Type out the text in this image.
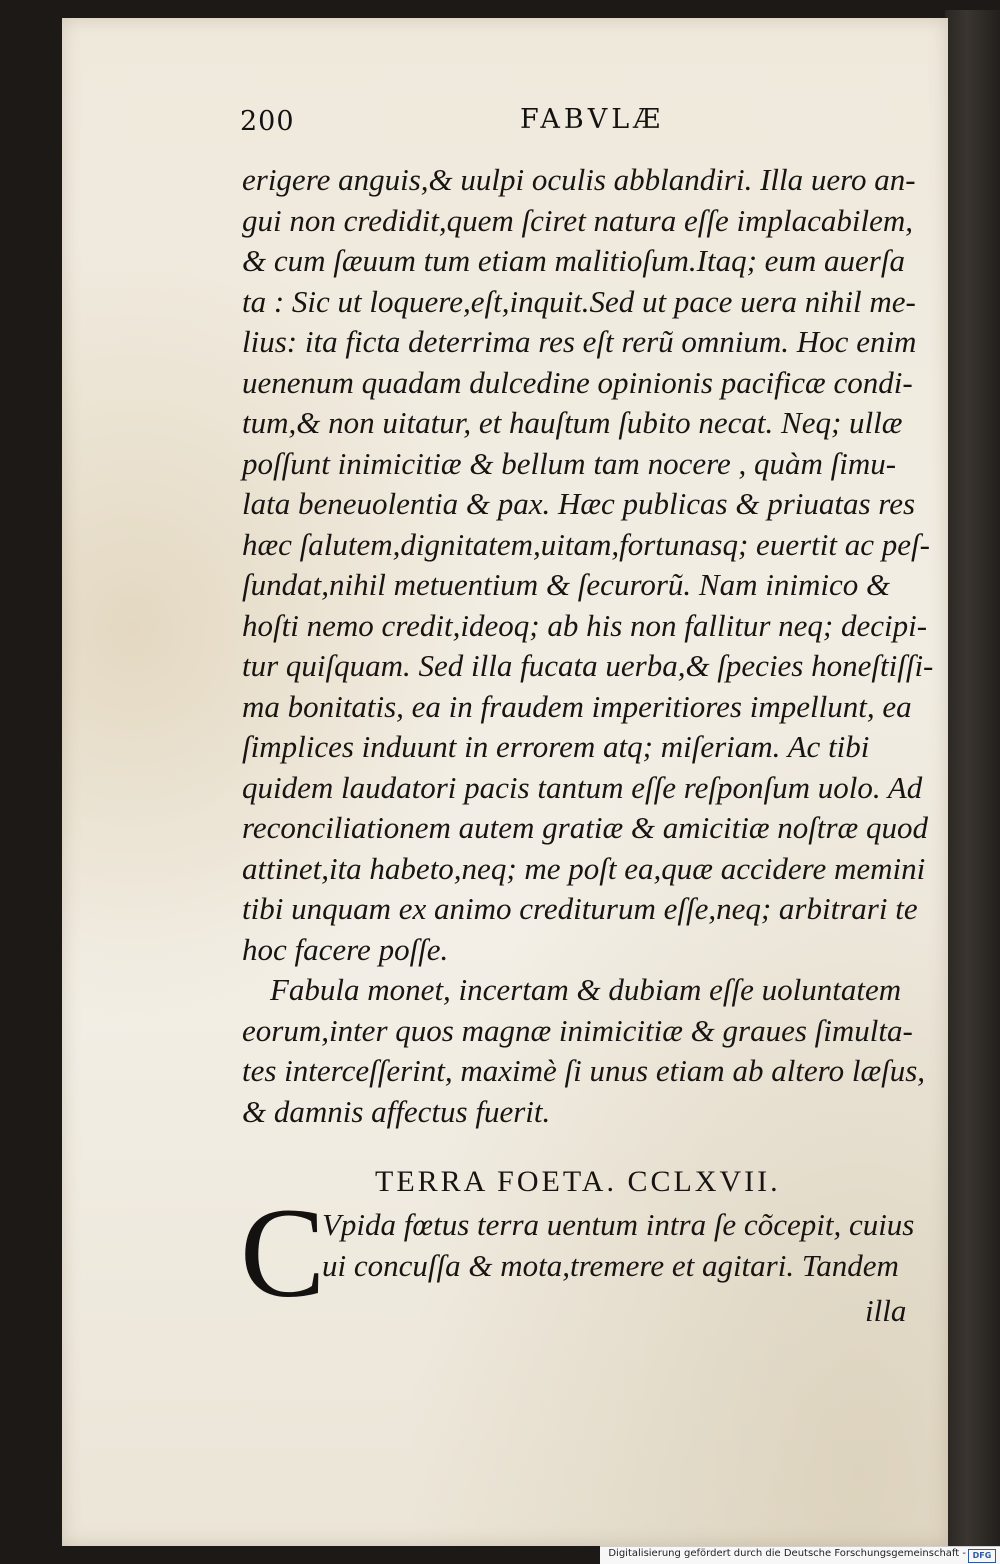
200	FABVLÆ
erigere anguis,& uulpi oculis abblandiri. Illa uero an-
gui non credidit,quem ſciret natura eſſe implacabilem,
& cum ſæuum tum etiam malitioſum.Itaq; eum auerſa
ta : Sic ut loquere,eſt,inquit.Sed ut pace uera nihil me-
lius: ita ficta deterrima res eſt rerũ omnium. Hoc enim
uenenum quadam dulcedine opinionis pacificæ condi-
tum,& non uitatur, et hauſtum ſubito necat. Neq; ullæ
poſſunt inimicitiæ & bellum tam nocere , quàm ſimu-
lata beneuolentia & pax. Hæc publicas & priuatas res
hæc ſalutem,dignitatem,uitam,fortunasq; euertit ac peſ-
ſundat,nihil metuentium & ſecurorũ. Nam inimico &
hoſti nemo credit,ideoq; ab his non fallitur neq; decipi-
tur quiſquam. Sed illa fucata uerba,& ſpecies honeſtiſſi-
ma bonitatis, ea in fraudem imperitiores impellunt, ea
ſimplices induunt in errorem atq; miſeriam. Ac tibi
quidem laudatori pacis tantum eſſe reſponſum uolo. Ad
reconciliationem autem gratiæ & amicitiæ noſtræ quod
attinet,ita habeto,neq; me poſt ea,quæ accidere memini
tibi unquam ex animo crediturum eſſe,neq; arbitrari te
hoc facere poſſe.
Fabula monet, incertam & dubiam eſſe uoluntatem
eorum,inter quos magnæ inimicitiæ & graues ſimulta-
tes interceſſerint, maximè ſi unus etiam ab altero læſus,
& damnis affectus fuerit.
TERRA FOETA. CCLXVII.
C
Vpida fœtus terra uentum intra ſe cõcepit, cuius
ui concuſſa & mota,tremere et agitari. Tandem
illa
Digitalisierung gefördert durch die Deutsche Forschungsgemeinschaft - DFG
